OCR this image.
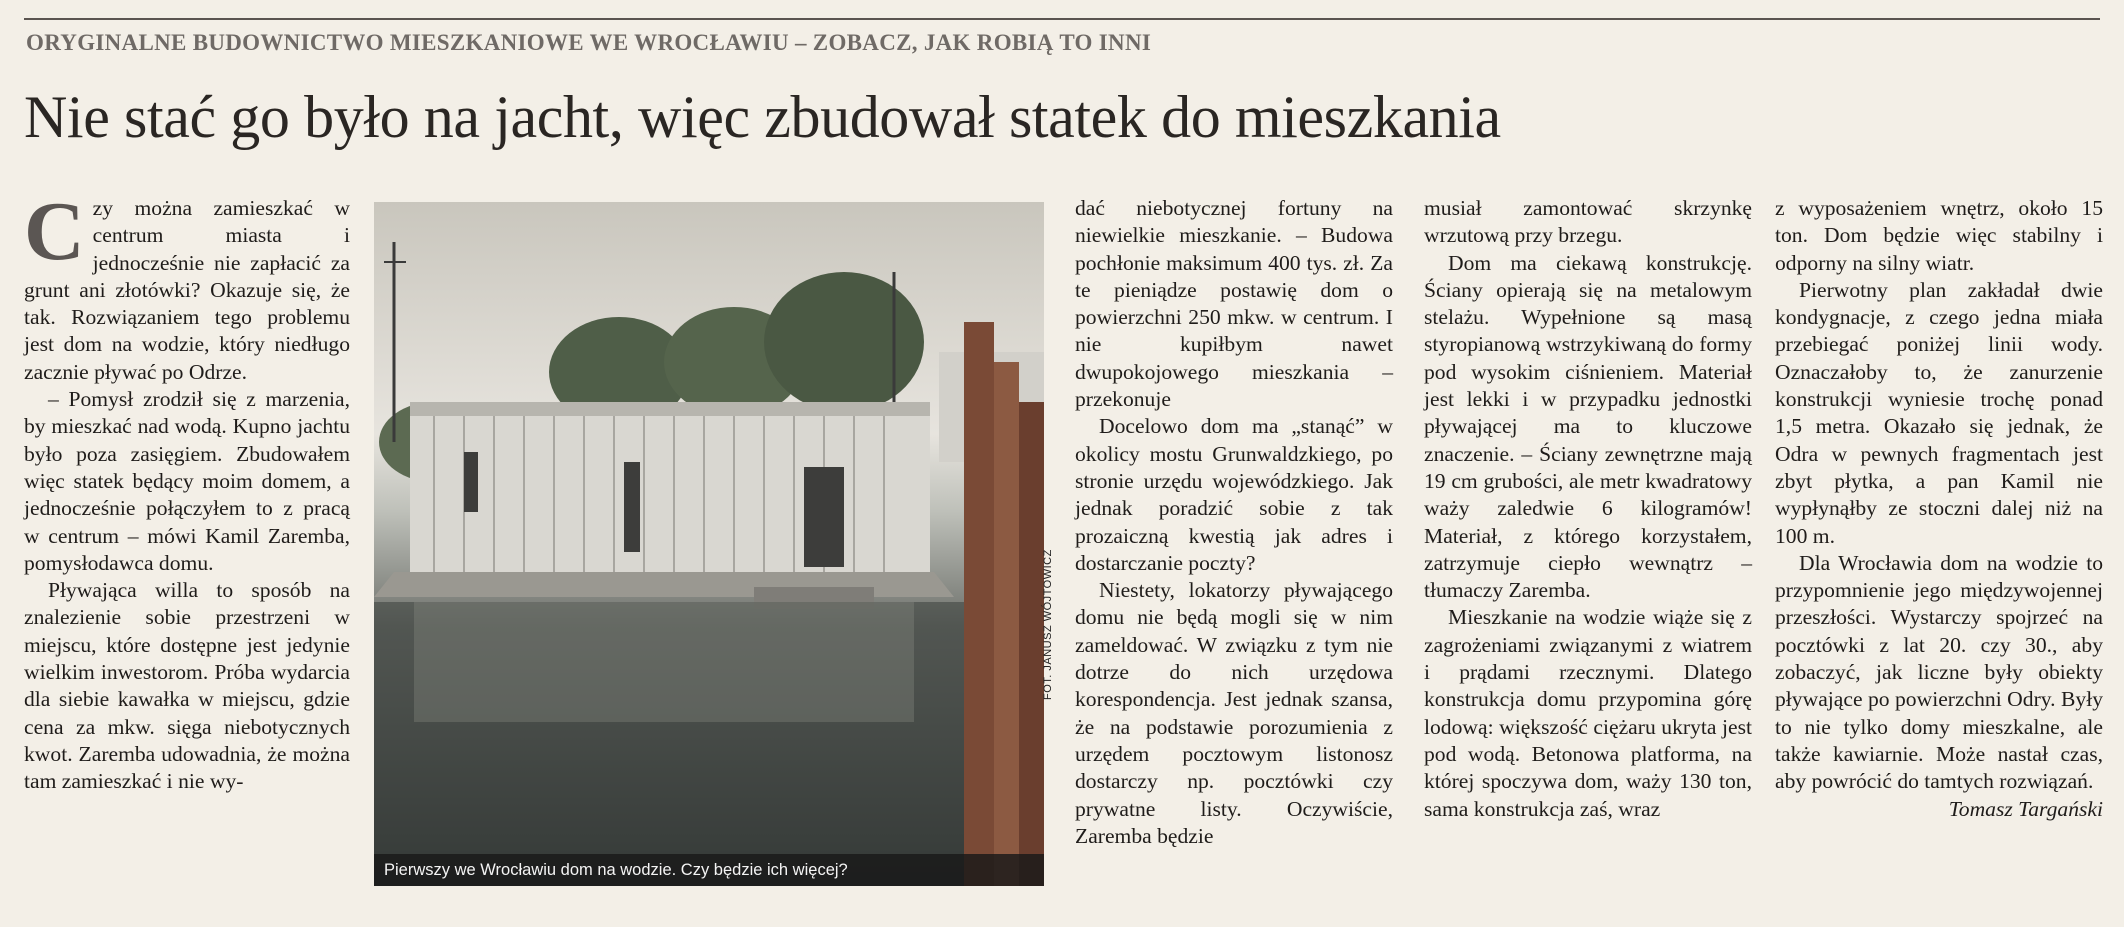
ORYGINALNE BUDOWNICTWO MIESZKANIOWE WE WROCŁAWIU – ZOBACZ, JAK ROBIĄ TO INNI
Nie stać go było na jacht, więc zbudował statek do mieszkania

Czy można zamieszkać w centrum miasta i jednocześnie nie zapłacić za grunt ani złotówki? Okazuje się, że tak. Rozwiązaniem tego problemu jest dom na wodzie, który niedługo zacznie pływać po Odrze.

– Pomysł zrodził się z marzenia, by mieszkać nad wodą. Kupno jachtu było poza zasięgiem. Zbudowałem więc statek będący moim domem, a jednocześnie połączyłem to z pracą w centrum – mówi Kamil Zaremba, pomysłodawca domu.

Pływająca willa to sposób na znalezienie sobie przestrzeni w miejscu, które dostępne jest jedynie wielkim inwestorom. Próba wydarcia dla siebie kawałka w miejscu, gdzie cena za mkw. sięga niebotycznych kwot. Zaremba udowadnia, że można tam zamieszkać i nie wy-

FOT. JANUSZ WÓJTOWICZ
Pierwszy we Wrocławiu dom na wodzie. Czy będzie ich więcej?

dać niebotycznej fortuny na niewielkie mieszkanie. – Budowa pochłonie maksimum 400 tys. zł. Za te pieniądze postawię dom o powierzchni 250 mkw. w centrum. I nie kupiłbym nawet dwupokojowego mieszkania – przekonuje

Docelowo dom ma „stanąć” w okolicy mostu Grunwaldzkiego, po stronie urzędu wojewódzkiego. Jak jednak poradzić sobie z tak prozaiczną kwestią jak adres i dostarczanie poczty?

Niestety, lokatorzy pływającego domu nie będą mogli się w nim zameldować. W związku z tym nie dotrze do nich urzędowa korespondencja. Jest jednak szansa, że na podstawie porozumienia z urzędem pocztowym listonosz dostarczy np. pocztówki czy prywatne listy. Oczywiście, Zaremba będzie

musiał zamontować skrzynkę wrzutową przy brzegu.

Dom ma ciekawą konstrukcję. Ściany opierają się na metalowym stelażu. Wypełnione są masą styropianową wstrzykiwaną do formy pod wysokim ciśnieniem. Materiał jest lekki i w przypadku jednostki pływającej ma to kluczowe znaczenie. – Ściany zewnętrzne mają 19 cm grubości, ale metr kwadratowy waży zaledwie 6 kilogramów! Materiał, z którego korzystałem, zatrzymuje ciepło wewnątrz – tłumaczy Zaremba.

Mieszkanie na wodzie wiąże się z zagrożeniami związanymi z wiatrem i prądami rzecznymi. Dlatego konstrukcja domu przypomina górę lodową: większość ciężaru ukryta jest pod wodą. Betonowa platforma, na której spoczywa dom, waży 130 ton, sama konstrukcja zaś, wraz

z wyposażeniem wnętrz, około 15 ton. Dom będzie więc stabilny i odporny na silny wiatr.

Pierwotny plan zakładał dwie kondygnacje, z czego jedna miała przebiegać poniżej linii wody. Oznaczałoby to, że zanurzenie konstrukcji wyniesie trochę ponad 1,5 metra. Okazało się jednak, że Odra w pewnych fragmentach jest zbyt płytka, a pan Kamil nie wypłynąłby ze stoczni dalej niż na 100 m.

Dla Wrocławia dom na wodzie to przypomnienie jego międzywojennej przeszłości. Wystarczy spojrzeć na pocztówki z lat 20. czy 30., aby zobaczyć, jak liczne były obiekty pływające po powierzchni Odry. Były to nie tylko domy mieszkalne, ale także kawiarnie. Może nastał czas, aby powrócić do tamtych rozwiązań.

Tomasz Targański
